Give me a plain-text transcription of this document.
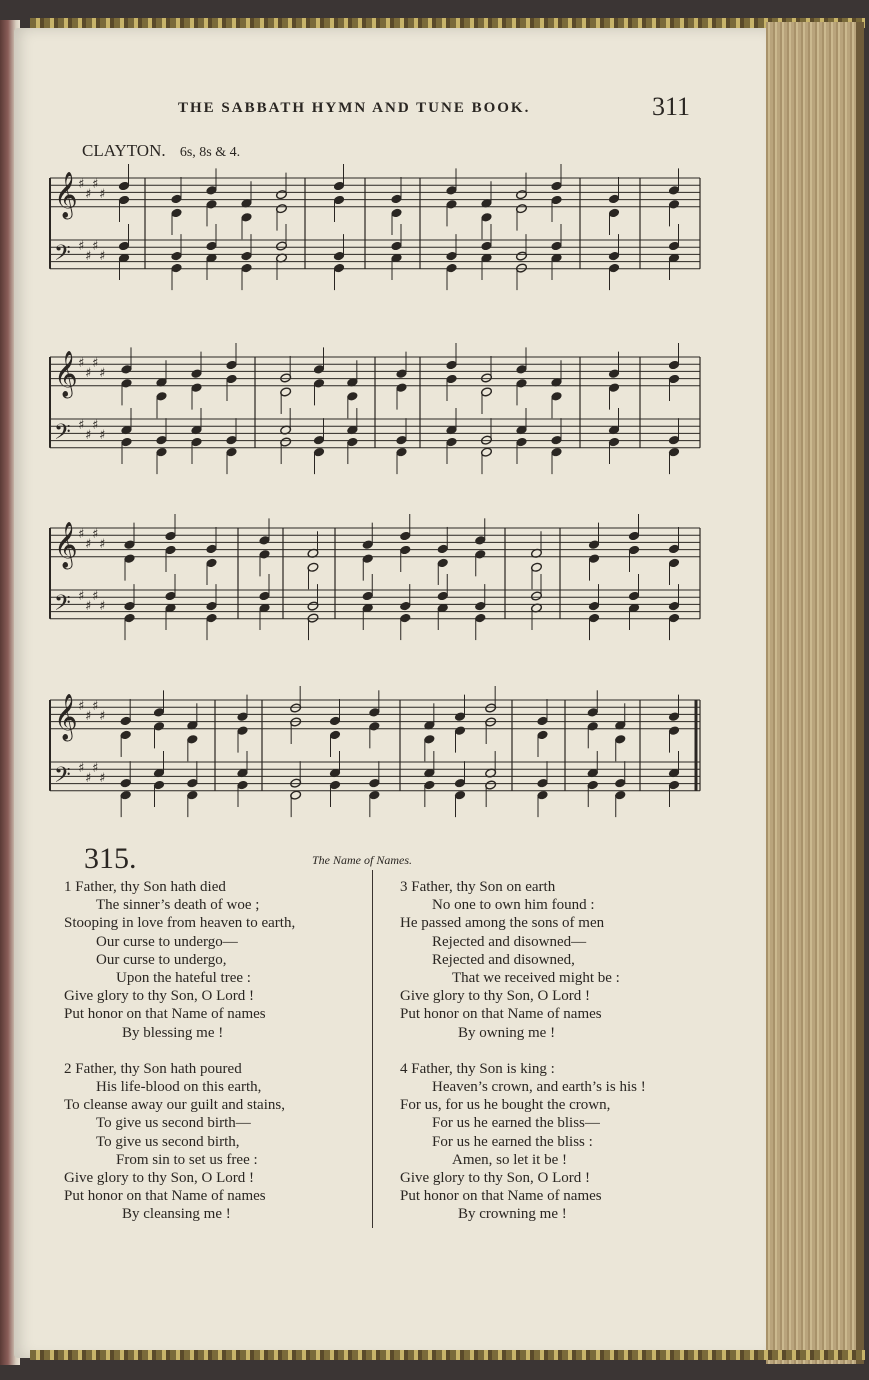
THE SABBATH HYMN AND TUNE BOOK.	311
CLAYTON. 6s, 8s & 4.
𝄞 ♯
♯
♯
♯
𝄢 ♯
♯
♯
♯
𝄞 ♯
♯
♯
♯
𝄢 ♯
♯
♯
♯
𝄞 ♯
♯
♯
♯
𝄢 ♯
♯
♯
♯
𝄞 ♯
♯
♯
♯
𝄢 ♯
♯
♯
♯
315.	The Name of Names.
1 Father, thy Son hath died
The sinner’s death of woe ;
Stooping in love from heaven to earth,
Our curse to undergo—
Our curse to undergo,
Upon the hateful tree :
Give glory to thy Son, O Lord !
Put honor on that Name of names
By blessing me !
2 Father, thy Son hath poured
His life-blood on this earth,
To cleanse away our guilt and stains,
To give us second birth—
To give us second birth,
From sin to set us free :
Give glory to thy Son, O Lord !
Put honor on that Name of names
By cleansing me !
3 Father, thy Son on earth
No one to own him found :
He passed among the sons of men
Rejected and disowned—
Rejected and disowned,
That we received might be :
Give glory to thy Son, O Lord !
Put honor on that Name of names
By owning me !
4 Father, thy Son is king :
Heaven’s crown, and earth’s is his !
For us, for us he bought the crown,
For us he earned the bliss—
For us he earned the bliss :
Amen, so let it be !
Give glory to thy Son, O Lord !
Put honor on that Name of names
By crowning me !
